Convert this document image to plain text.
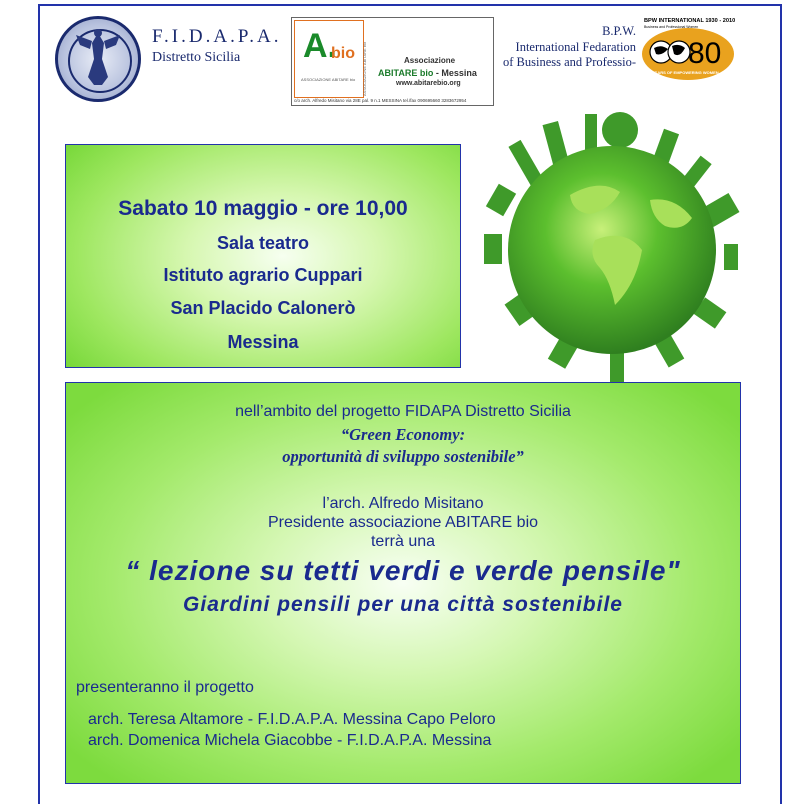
F.I.D.A.P.A.
Distretto Sicilia A.
bio
ASSOCIAZIONE ABITARE bio ASSOCIAZIONE ABITARE bio	Associazione
ABITARE bio - Messina
www.abitarebio.org
c/o arch. Alfredo Misitano via 28E pal. 9 n.1 MESSINA tel./fax 090695660 3283672954
B.P.W.
International Fedaration
of Business and Professio-
BPW INTERNATIONAL 1930 - 2010
Business and Professional Women
80
YEARS OF EMPOWERING WOMEN
Sabato 10 maggio - ore 10,00
Sala teatro
Istituto agrario Cuppari
San Placido Calonerò
Messina
nell’ambito del progetto FIDAPA Distretto Sicilia
“Green Economy:
opportunità di sviluppo sostenibile”
l’arch. Alfredo Misitano
Presidente associazione ABITARE bio
terrà una
“ lezione su tetti verdi e verde pensile"
Giardini pensili per una città sostenibile
presenteranno il progetto
arch. Teresa Altamore - F.I.D.A.P.A. Messina Capo Peloro
arch. Domenica Michela Giacobbe - F.I.D.A.P.A. Messina
